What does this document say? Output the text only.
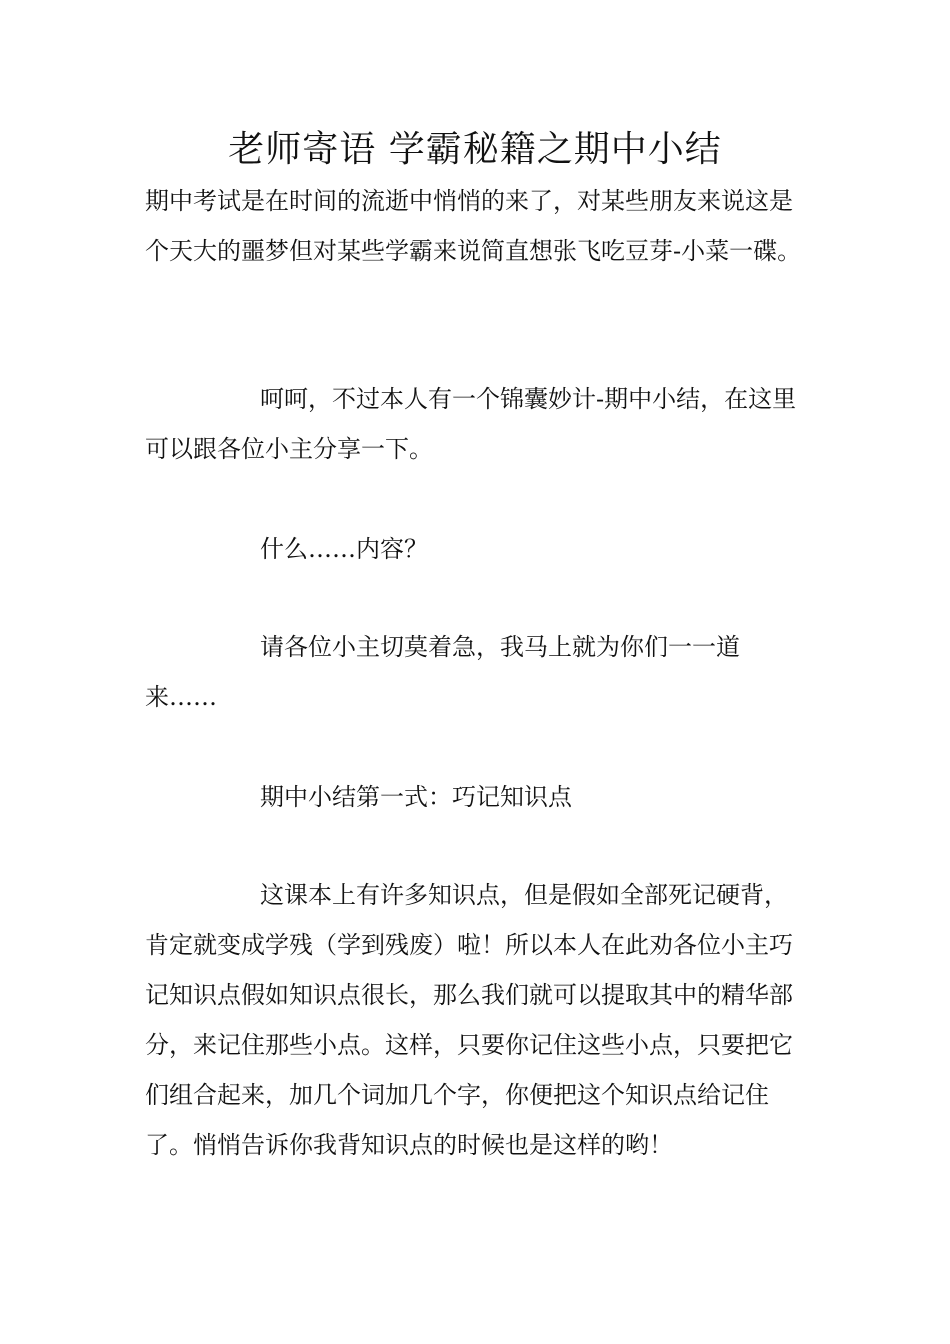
老师寄语 学霸秘籍之期中小结

期中考试是在时间的流逝中悄悄的来了，对某些朋友来说这是个天大的噩梦但对某些学霸来说简直想张飞吃豆芽-小菜一碟。

呵呵，不过本人有一个锦囊妙计-期中小结，在这里可以跟各位小主分享一下。

什么……内容？

请各位小主切莫着急，我马上就为你们一一道来……

期中小结第一式：巧记知识点

这课本上有许多知识点，但是假如全部死记硬背，肯定就变成学残（学到残废）啦！所以本人在此劝各位小主巧记知识点假如知识点很长，那么我们就可以提取其中的精华部分，来记住那些小点。这样，只要你记住这些小点，只要把它们组合起来，加几个词加几个字，你便把这个知识点给记住了。悄悄告诉你我背知识点的时候也是这样的哟！
